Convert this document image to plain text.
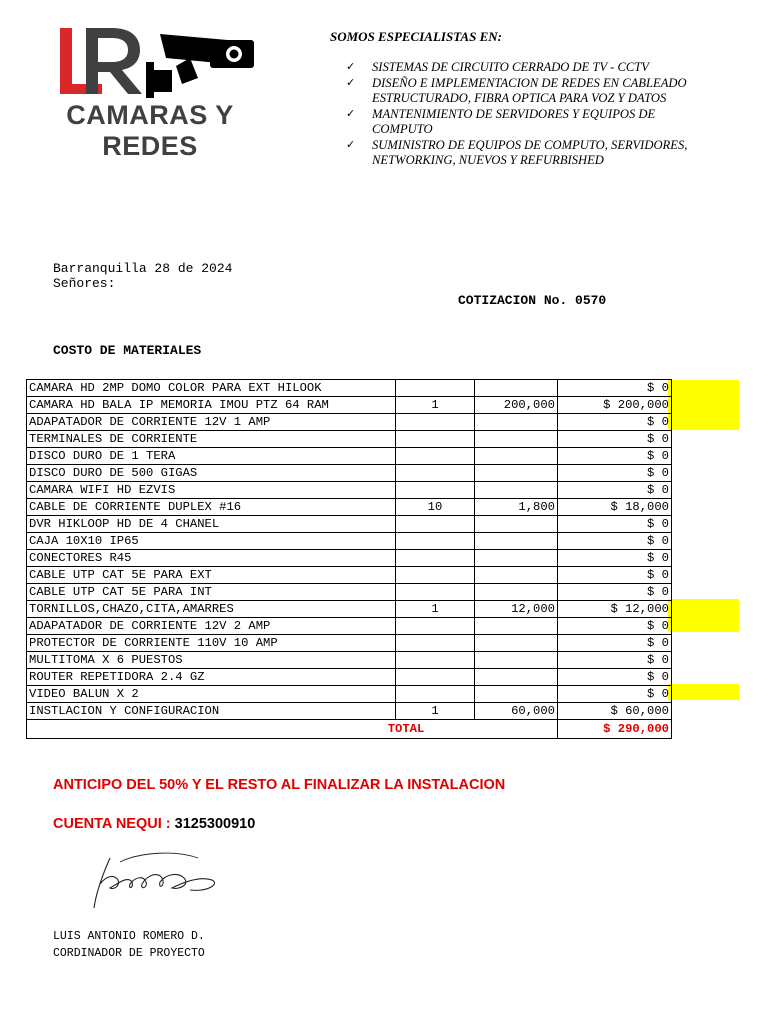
CAMARAS Y
REDES
SOMOS ESPECIALISTAS EN:
✓ SISTEMAS DE CIRCUITO CERRADO DE TV - CCTV
✓ DISEÑO E IMPLEMENTACION DE REDES EN CABLEADO ESTRUCTURADO, FIBRA OPTICA PARA VOZ Y DATOS
✓ MANTENIMIENTO DE SERVIDORES Y EQUIPOS DE COMPUTO
✓ SUMINISTRO DE EQUIPOS DE COMPUTO, SERVIDORES, NETWORKING, NUEVOS Y REFURBISHED
Barranquilla 28 de 2024
Señores:
COTIZACION No. 0570
COSTO DE MATERIALES
CAMARA HD 2MP DOMO COLOR PARA EXT HILOOK			$ 0
CAMARA HD BALA IP MEMORIA IMOU PTZ 64 RAM	1	200,000	$ 200,000
ADAPATADOR DE CORRIENTE 12V 1 AMP			$ 0
TERMINALES DE CORRIENTE			$ 0
DISCO DURO DE 1 TERA			$ 0
DISCO DURO DE 500 GIGAS			$ 0
CAMARA WIFI HD EZVIS			$ 0
CABLE DE CORRIENTE DUPLEX #16	10	1,800	$ 18,000
DVR HIKLOOP HD DE 4 CHANEL			$ 0
CAJA 10X10 IP65			$ 0
CONECTORES R45			$ 0
CABLE UTP CAT 5E PARA EXT			$ 0
CABLE UTP CAT 5E PARA INT			$ 0
TORNILLOS,CHAZO,CITA,AMARRES	1	12,000	$ 12,000
ADAPATADOR DE CORRIENTE 12V 2 AMP			$ 0
PROTECTOR DE CORRIENTE 110V 10 AMP			$ 0
MULTITOMA X 6 PUESTOS			$ 0
ROUTER REPETIDORA 2.4 GZ			$ 0
VIDEO BALUN X 2			$ 0
INSTLACION Y CONFIGURACION	1	60,000	$ 60,000
TOTAL			$ 290,000
ANTICIPO DEL 50% Y EL RESTO AL FINALIZAR LA INSTALACION
CUENTA NEQUI : 3125300910
LUIS ANTONIO ROMERO D.
CORDINADOR DE PROYECTO
